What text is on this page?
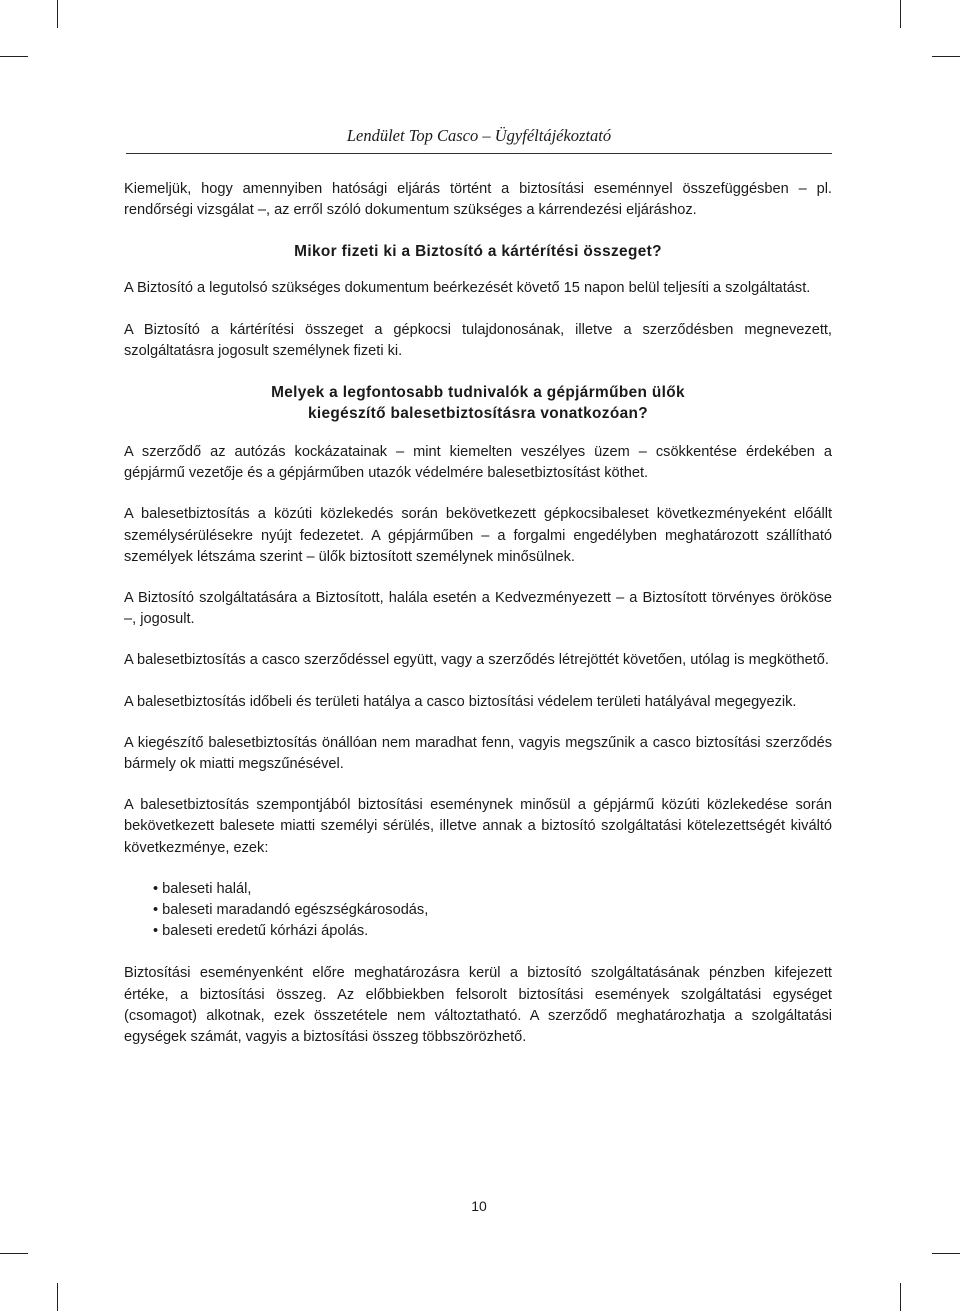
Lendület Top Casco – Ügyféltájékoztató

Kiemeljük, hogy amennyiben hatósági eljárás történt a biztosítási eseménnyel összefüggésben – pl. rendőrségi vizsgálat –, az erről szóló dokumentum szükséges a kárrendezési eljáráshoz.

Mikor fizeti ki a Biztosító a kártérítési összeget?

A Biztosító a legutolsó szükséges dokumentum beérkezését követő 15 napon belül teljesíti a szolgáltatást.

A Biztosító a kártérítési összeget a gépkocsi tulajdonosának, illetve a szerződésben megnevezett, szolgáltatásra jogosult személynek fizeti ki.

Melyek a legfontosabb tudnivalók a gépjárműben ülők
kiegészítő balesetbiztosításra vonatkozóan?

A szerződő az autózás kockázatainak – mint kiemelten veszélyes üzem – csökkentése érdekében a gépjármű vezetője és a gépjárműben utazók védelmére balesetbiztosítást köthet.

A balesetbiztosítás a közúti közlekedés során bekövetkezett gépkocsibaleset következményeként előállt személysérülésekre nyújt fedezetet. A gépjárműben – a forgalmi engedélyben meghatározott szállítható személyek létszáma szerint – ülők biztosított személynek minősülnek.

A Biztosító szolgáltatására a Biztosított, halála esetén a Kedvezményezett – a Biztosított törvényes örököse –, jogosult.

A balesetbiztosítás a casco szerződéssel együtt, vagy a szerződés létrejöttét követően, utólag is megköthető.

A balesetbiztosítás időbeli és területi hatálya a casco biztosítási védelem területi hatályával megegyezik.

A kiegészítő balesetbiztosítás önállóan nem maradhat fenn, vagyis megszűnik a casco biztosítási szerződés bármely ok miatti megszűnésével.

A balesetbiztosítás szempontjából biztosítási eseménynek minősül a gépjármű közúti közlekedése során bekövetkezett balesete miatti személyi sérülés, illetve annak a biztosító szolgáltatási kötelezettségét kiváltó következménye, ezek:

• baleseti halál,
• baleseti maradandó egészségkárosodás,
• baleseti eredetű kórházi ápolás.

Biztosítási eseményenként előre meghatározásra kerül a biztosító szolgáltatásának pénzben kifejezett értéke, a biztosítási összeg. Az előbbiekben felsorolt biztosítási események szolgáltatási egységet (csomagot) alkotnak, ezek összetétele nem változtatható. A szerződő meghatározhatja a szolgáltatási egységek számát, vagyis a biztosítási összeg többszörözhető.

10
